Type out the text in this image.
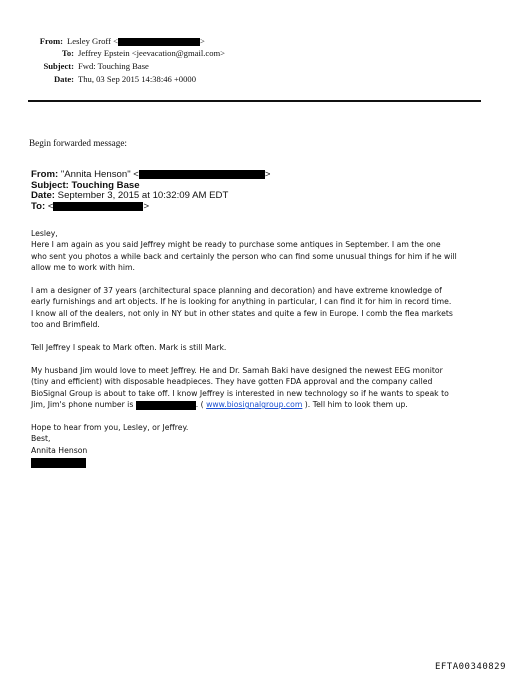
From: Lesley Groff <	>
To: Jeffrey Epstein <jeevacation@gmail.com>
Subject: Fwd: Touching Base
Date: Thu, 03 Sep 2015 14:38:46 +0000
Begin forwarded message:
From: "Annita Henson" <	>
Subject: Touching Base
Date: September 3, 2015 at 10:32:09 AM EDT
To: <	>

Lesley,
Here I am again as you said Jeffrey might be ready to purchase some antiques in September. I am the one
who sent you photos a while back and certainly the person who can find some unusual things for him if he will
allow me to work with him.

I am a designer of 37 years (architectural space planning and decoration) and have extreme knowledge of
early furnishings and art objects. If he is looking for anything in particular, I can find it for him in record time.
I know all of the dealers, not only in NY but in other states and quite a few in Europe. I comb the flea markets
too and Brimfield.

Tell Jeffrey I speak to Mark often. Mark is still Mark.

My husband Jim would love to meet Jeffrey. He and Dr. Samah Baki have designed the newest EEG monitor
(tiny and efficient) with disposable headpieces. They have gotten FDA approval and the company called
BioSignal Group is about to take off. I know Jeffrey is interested in new technology so if he wants to speak to
Jim, Jim's phone number is	. ( www.biosignalgroup.com ). Tell him to look them up.

Hope to hear from you, Lesley, or Jeffrey.
Best,
Annita Henson

EFTA00340829
